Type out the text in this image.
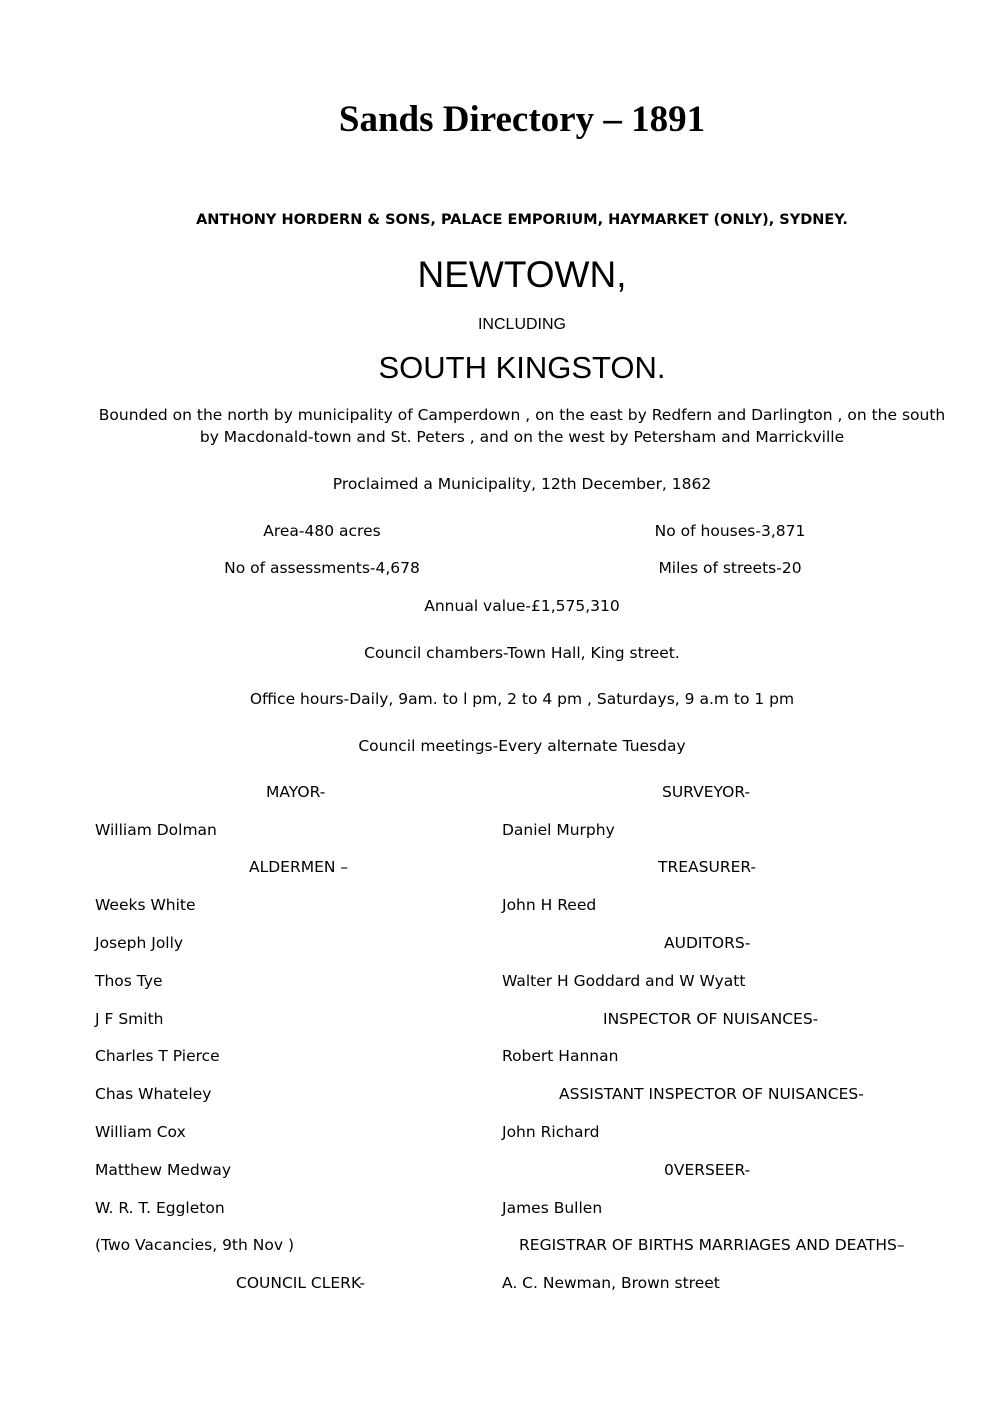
Sands Directory – 1891
ANTHONY HORDERN & SONS, PALACE EMPORIUM, HAYMARKET (ONLY), SYDNEY.
NEWTOWN,
INCLUDING
SOUTH KINGSTON.
Bounded on the north by municipality of Camperdown , on the east by Redfern and Darlington , on the south
by Macdonald-town and St. Peters , and on the west by Petersham and Marrickville
Proclaimed a Municipality, 12th December, 1862
Area-480 acres	No of houses-3,871
No of assessments-4,678	Miles of streets-20
Annual value-£1,575,310
Council chambers-Town Hall, King street.
Office hours-Daily, 9am. to l pm, 2 to 4 pm , Saturdays, 9 a.m to 1 pm
Council meetings-Every alternate Tuesday
MAYOR-
William Dolman
ALDERMEN –
Weeks White
Joseph Jolly
Thos Tye
J F Smith
Charles T Pierce
Chas Whateley
William Cox
Matthew Medway
W. R. T. Eggleton
(Two Vacancies, 9th Nov )
COUNCIL CLERK-
SURVEYOR-
Daniel Murphy
TREASURER-
John H Reed
AUDITORS-
Walter H Goddard and W Wyatt
INSPECTOR OF NUISANCES-
Robert Hannan
ASSISTANT INSPECTOR OF NUISANCES-
John Richard
0VERSEER-
James Bullen
REGISTRAR OF BIRTHS MARRIAGES AND DEATHS–
A. C. Newman, Brown street
